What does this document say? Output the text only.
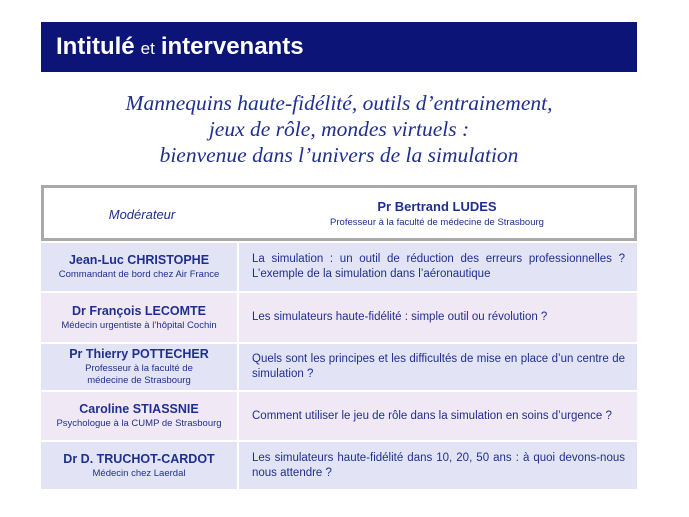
Intitulé et intervenants
Mannequins haute-fidélité, outils d’entrainement,
jeux de rôle, mondes virtuels :
bienvenue dans l’univers de la simulation
Modérateur
Pr Bertrand LUDES
Professeur à la faculté de médecine de Strasbourg
Jean-Luc CHRISTOPHE
Commandant de bord chez Air France
La simulation : un outil de réduction des erreurs professionnelles ? L’exemple de la simulation dans l’aéronautique
Dr François LECOMTE
Médecin urgentiste à l’hôpital Cochin
Les simulateurs haute-fidélité : simple outil ou révolution ?
Pr Thierry POTTECHER
Professeur à la faculté de médecine de Strasbourg
Quels sont les principes et les difficultés de mise en place d’un centre de simulation ?
Caroline STIASSNIE
Psychologue à la CUMP de Strasbourg
Comment utiliser le jeu de rôle dans la simulation en soins d’urgence ?
Dr D. TRUCHOT-CARDOT
Médecin chez Laerdal
Les simulateurs haute-fidélité dans 10, 20, 50 ans : à quoi devons-nous nous attendre ?
